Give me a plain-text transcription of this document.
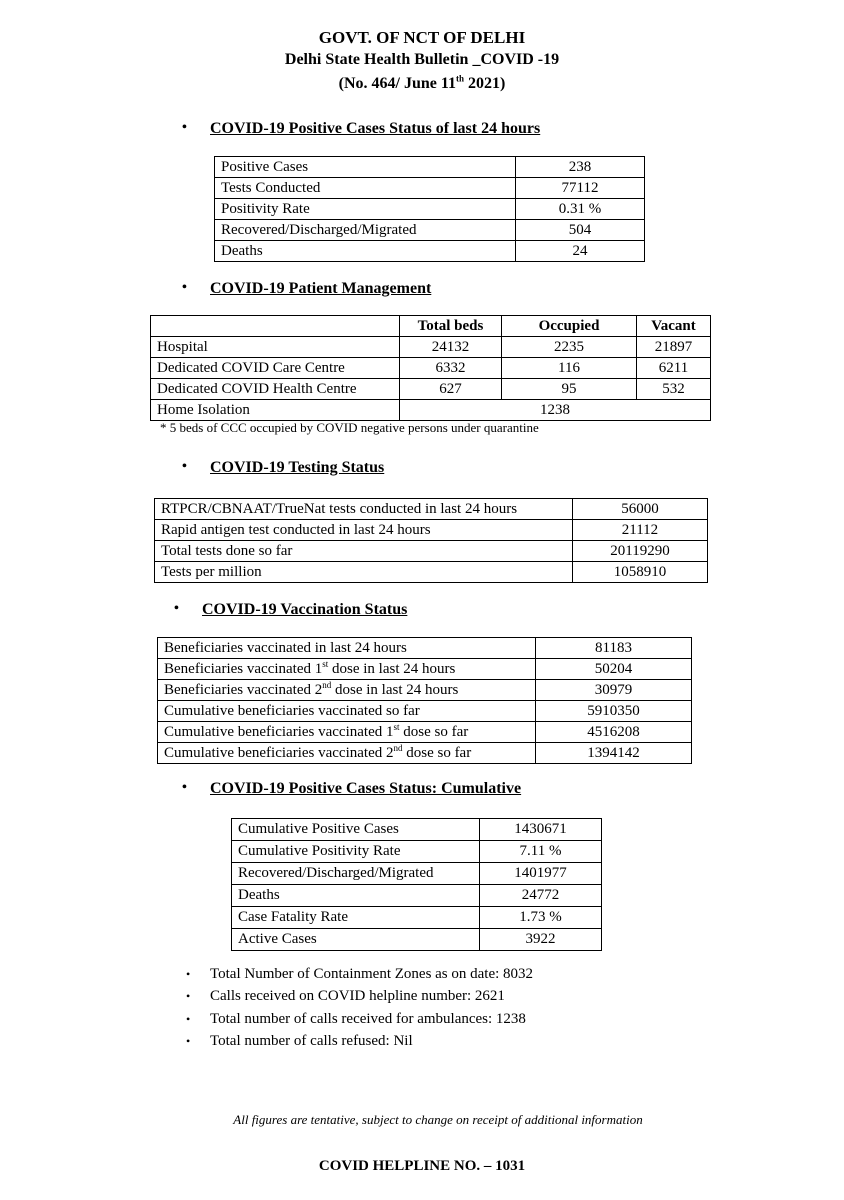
GOVT. OF NCT OF DELHI
Delhi State Health Bulletin _COVID -19
(No. 464/ June 11th 2021)
• COVID-19 Positive Cases Status of last 24 hours
Positive Cases	238
Tests Conducted	77112
Positivity Rate	0.31 %
Recovered/Discharged/Migrated	504
Deaths	24
• COVID-19 Patient Management
	Total beds	Occupied	Vacant
Hospital	24132	2235	21897
Dedicated COVID Care Centre	6332	116	6211
Dedicated COVID Health Centre	627	95	532
Home Isolation	1238		
* 5 beds of CCC occupied by COVID negative persons under quarantine
• COVID-19 Testing Status
RTPCR/CBNAAT/TrueNat tests conducted in last 24 hours	56000
Rapid antigen test conducted in last 24 hours	21112
Total tests done so far	20119290
Tests per million	1058910
• COVID-19 Vaccination Status
Beneficiaries vaccinated in last 24 hours	81183
Beneficiaries vaccinated 1st dose in last 24 hours	50204
Beneficiaries vaccinated 2nd dose in last 24 hours	30979
Cumulative beneficiaries vaccinated so far	5910350
Cumulative beneficiaries vaccinated 1st dose so far	4516208
Cumulative beneficiaries vaccinated 2nd dose so far	1394142
• COVID-19 Positive Cases Status: Cumulative
Cumulative Positive Cases	1430671
Cumulative Positivity Rate	7.11 %
Recovered/Discharged/Migrated	1401977
Deaths	24772
Case Fatality Rate	1.73 %
Active Cases	3922
• Total Number of Containment Zones as on date: 8032
• Calls received on COVID helpline number: 2621
• Total number of calls received for ambulances: 1238
• Total number of calls refused: Nil
All figures are tentative, subject to change on receipt of additional information
COVID HELPLINE NO. – 1031
